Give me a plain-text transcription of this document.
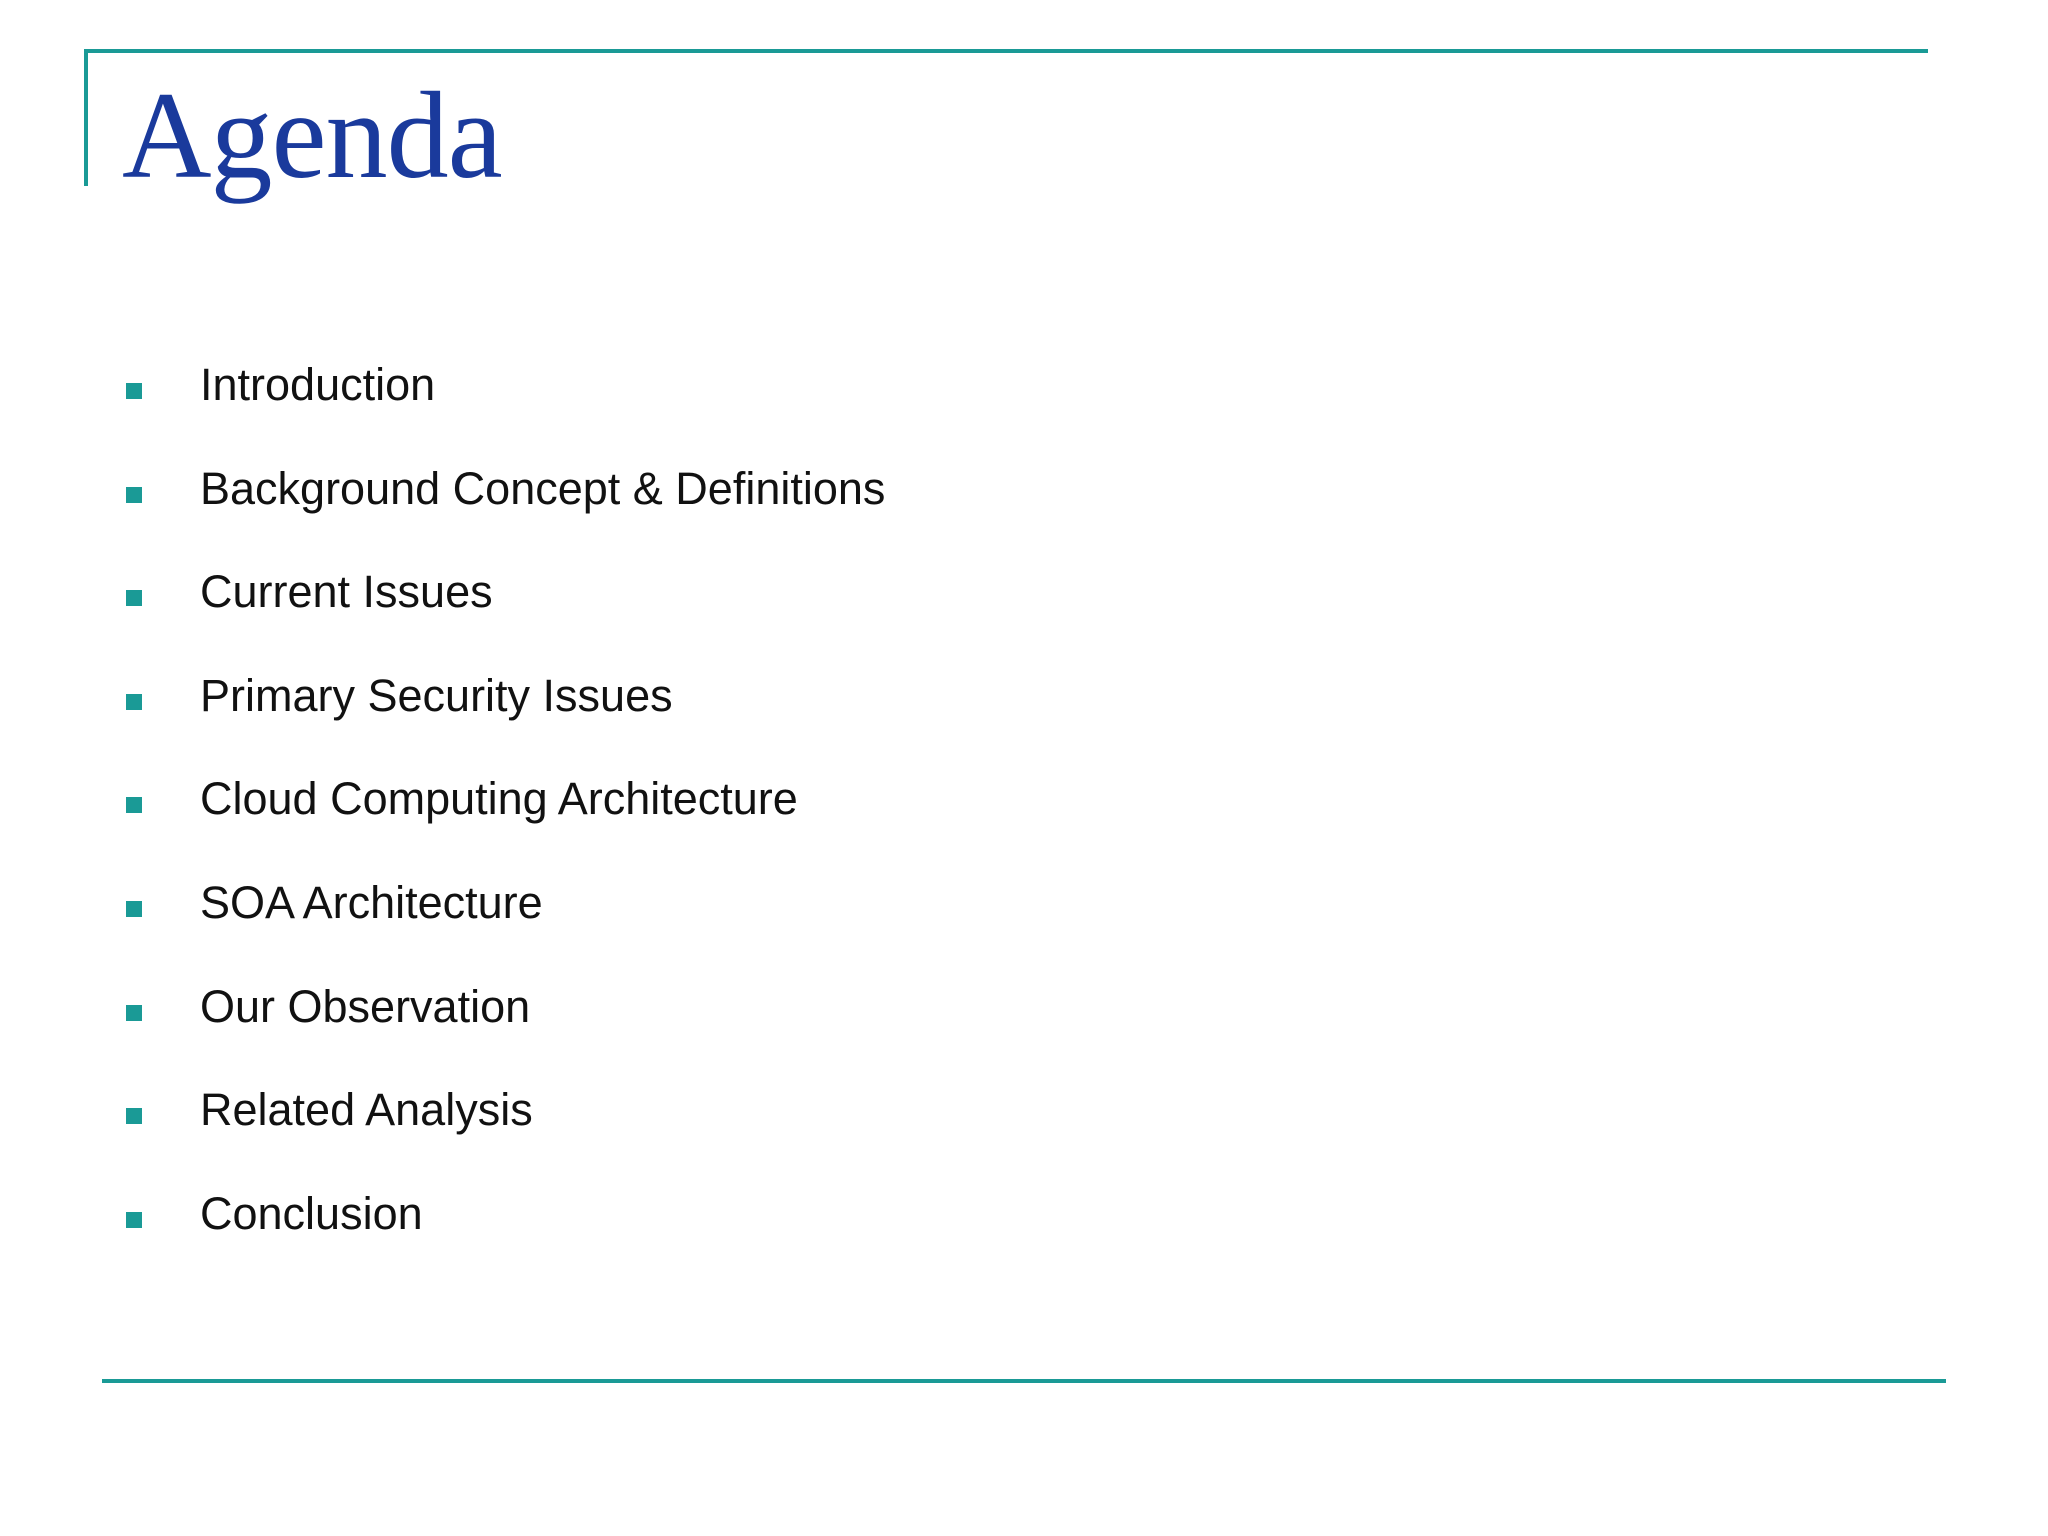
Agenda
Introduction
Background Concept & Definitions
Current Issues
Primary Security Issues
Cloud Computing Architecture
SOA Architecture
Our Observation
Related Analysis
Conclusion
